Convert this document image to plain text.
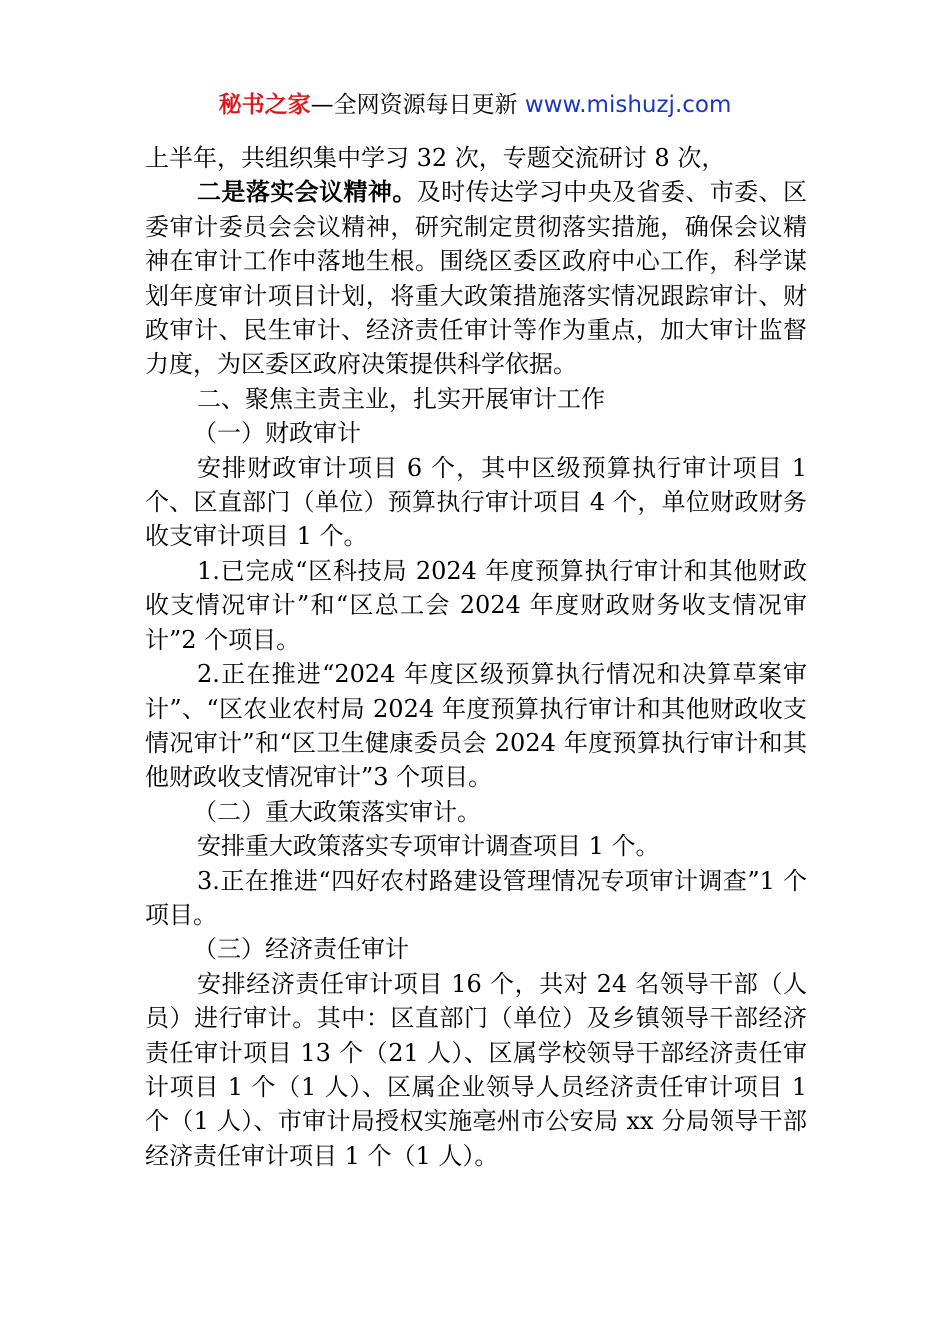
秘书之家—全网资源每日更新 www.mishuzj.com

上半年，共组织集中学习 32 次，专题交流研讨 8 次，

二是落实会议精神。及时传达学习中央及省委、市委、区委审计委员会会议精神，研究制定贯彻落实措施，确保会议精神在审计工作中落地生根。围绕区委区政府中心工作，科学谋划年度审计项目计划，将重大政策措施落实情况跟踪审计、财政审计、民生审计、经济责任审计等作为重点，加大审计监督力度，为区委区政府决策提供科学依据。

二、聚焦主责主业，扎实开展审计工作

（一）财政审计

安排财政审计项目 6 个，其中区级预算执行审计项目 1 个、区直部门（单位）预算执行审计项目 4 个，单位财政财务收支审计项目 1 个。

1.已完成“区科技局 2024 年度预算执行审计和其他财政收支情况审计”和“区总工会 2024 年度财政财务收支情况审计”2 个项目。

2.正在推进“2024 年度区级预算执行情况和决算草案审计”、“区农业农村局 2024 年度预算执行审计和其他财政收支情况审计”和“区卫生健康委员会 2024 年度预算执行审计和其他财政收支情况审计”3 个项目。

（二）重大政策落实审计。

安排重大政策落实专项审计调查项目 1 个。

3.正在推进“四好农村路建设管理情况专项审计调查”1 个项目。

（三）经济责任审计

安排经济责任审计项目 16 个，共对 24 名领导干部（人员）进行审计。其中：区直部门（单位）及乡镇领导干部经济责任审计项目 13 个（21 人）、区属学校领导干部经济责任审计项目 1 个（1 人）、区属企业领导人员经济责任审计项目 1 个（1 人）、市审计局授权实施亳州市公安局 xx 分局领导干部经济责任审计项目 1 个（1 人）。
